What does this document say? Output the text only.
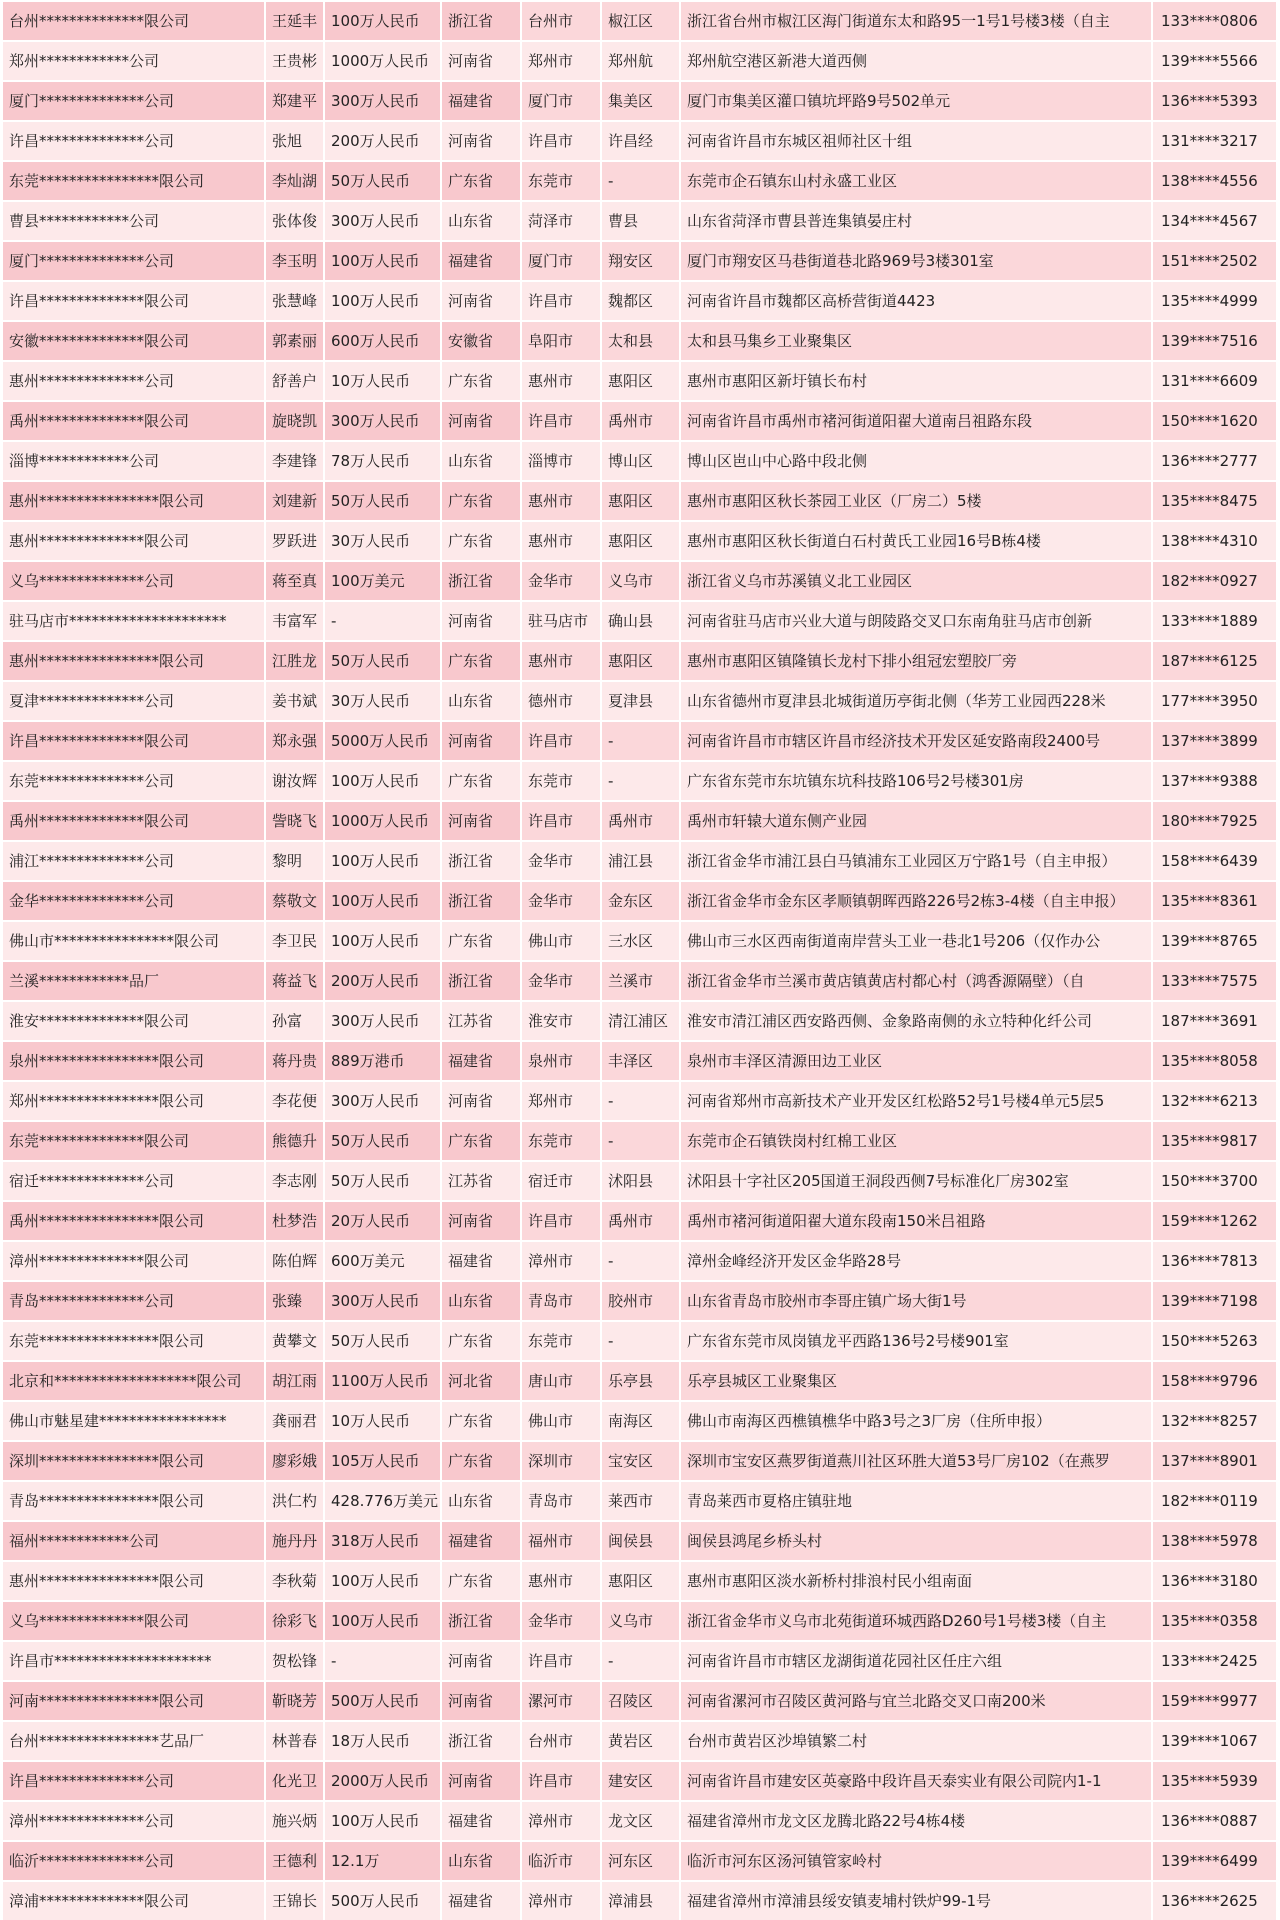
台州**************限公司	王延丰	100万人民币	浙江省	台州市	椒江区	浙江省台州市椒江区海门街道东太和路95一1号1号楼3楼（自主	133****0806
郑州************公司	王贵彬	1000万人民币	河南省	郑州市	郑州航	郑州航空港区新港大道西侧	139****5566
厦门**************公司	郑建平	300万人民币	福建省	厦门市	集美区	厦门市集美区灌口镇坑坪路9号502单元	136****5393
许昌**************公司	张旭	200万人民币	河南省	许昌市	许昌经	河南省许昌市东城区祖师社区十组	131****3217
东莞****************限公司	李灿湖	50万人民币	广东省	东莞市	-	东莞市企石镇东山村永盛工业区	138****4556
曹县************公司	张体俊	300万人民币	山东省	菏泽市	曹县	山东省菏泽市曹县普连集镇晏庄村	134****4567
厦门**************公司	李玉明	100万人民币	福建省	厦门市	翔安区	厦门市翔安区马巷街道巷北路969号3楼301室	151****2502
许昌**************限公司	张慧峰	100万人民币	河南省	许昌市	魏都区	河南省许昌市魏都区高桥营街道4423	135****4999
安徽**************限公司	郭素丽	600万人民币	安徽省	阜阳市	太和县	太和县马集乡工业聚集区	139****7516
惠州**************公司	舒善户	10万人民币	广东省	惠州市	惠阳区	惠州市惠阳区新圩镇长布村	131****6609
禹州**************限公司	旋晓凯	300万人民币	河南省	许昌市	禹州市	河南省许昌市禹州市褚河街道阳翟大道南吕祖路东段	150****1620
淄博************公司	李建锋	78万人民币	山东省	淄博市	博山区	博山区岜山中心路中段北侧	136****2777
惠州****************限公司	刘建新	50万人民币	广东省	惠州市	惠阳区	惠州市惠阳区秋长茶园工业区（厂房二）5楼	135****8475
惠州**************限公司	罗跃进	30万人民币	广东省	惠州市	惠阳区	惠州市惠阳区秋长街道白石村黄氏工业园16号B栋4楼	138****4310
义乌**************公司	蒋至真	100万美元	浙江省	金华市	义乌市	浙江省义乌市苏溪镇义北工业园区	182****0927
驻马店市*********************	韦富军	-	河南省	驻马店市	确山县	河南省驻马店市兴业大道与朗陵路交叉口东南角驻马店市创新	133****1889
惠州****************限公司	江胜龙	50万人民币	广东省	惠州市	惠阳区	惠州市惠阳区镇隆镇长龙村下排小组冠宏塑胶厂旁	187****6125
夏津**************公司	姜书斌	30万人民币	山东省	德州市	夏津县	山东省德州市夏津县北城街道历亭街北侧（华芳工业园西228米	177****3950
许昌**************限公司	郑永强	5000万人民币	河南省	许昌市	-	河南省许昌市市辖区许昌市经济技术开发区延安路南段2400号	137****3899
东莞**************公司	谢汝辉	100万人民币	广东省	东莞市	-	广东省东莞市东坑镇东坑科技路106号2号楼301房	137****9388
禹州**************限公司	訾晓飞	1000万人民币	河南省	许昌市	禹州市	禹州市轩辕大道东侧产业园	180****7925
浦江**************公司	黎明	100万人民币	浙江省	金华市	浦江县	浙江省金华市浦江县白马镇浦东工业园区万宁路1号（自主申报）	158****6439
金华**************公司	蔡敬文	100万人民币	浙江省	金华市	金东区	浙江省金华市金东区孝顺镇朝晖西路226号2栋3-4楼（自主申报）	135****8361
佛山市****************限公司	李卫民	100万人民币	广东省	佛山市	三水区	佛山市三水区西南街道南岸营头工业一巷北1号206（仅作办公	139****8765
兰溪************品厂	蒋益飞	200万人民币	浙江省	金华市	兰溪市	浙江省金华市兰溪市黄店镇黄店村都心村（鸿香源隔壁）（自	133****7575
淮安**************限公司	孙富	300万人民币	江苏省	淮安市	清江浦区	淮安市清江浦区西安路西侧、金象路南侧的永立特种化纤公司	187****3691
泉州****************限公司	蒋丹贵	889万港币	福建省	泉州市	丰泽区	泉州市丰泽区清源田边工业区	135****8058
郑州****************限公司	李花便	300万人民币	河南省	郑州市	-	河南省郑州市高新技术产业开发区红松路52号1号楼4单元5层5	132****6213
东莞**************限公司	熊德升	50万人民币	广东省	东莞市	-	东莞市企石镇铁岗村红棉工业区	135****9817
宿迁**************公司	李志刚	50万人民币	江苏省	宿迁市	沭阳县	沭阳县十字社区205国道王洞段西侧7号标准化厂房302室	150****3700
禹州****************限公司	杜梦浩	20万人民币	河南省	许昌市	禹州市	禹州市褚河街道阳翟大道东段南150米吕祖路	159****1262
漳州**************限公司	陈伯辉	600万美元	福建省	漳州市	-	漳州金峰经济开发区金华路28号	136****7813
青岛**************公司	张臻	300万人民币	山东省	青岛市	胶州市	山东省青岛市胶州市李哥庄镇广场大街1号	139****7198
东莞****************限公司	黄攀文	50万人民币	广东省	东莞市	-	广东省东莞市凤岗镇龙平西路136号2号楼901室	150****5263
北京和*******************限公司	胡江雨	1100万人民币	河北省	唐山市	乐亭县	乐亭县城区工业聚集区	158****9796
佛山市魅星建*****************	龚丽君	10万人民币	广东省	佛山市	南海区	佛山市南海区西樵镇樵华中路3号之3厂房（住所申报）	132****8257
深圳****************限公司	廖彩娥	105万人民币	广东省	深圳市	宝安区	深圳市宝安区燕罗街道燕川社区环胜大道53号厂房102（在燕罗	137****8901
青岛****************限公司	洪仁杓	428.776万美元	山东省	青岛市	莱西市	青岛莱西市夏格庄镇驻地	182****0119
福州************公司	施丹丹	318万人民币	福建省	福州市	闽侯县	闽侯县鸿尾乡桥头村	138****5978
惠州****************限公司	李秋菊	100万人民币	广东省	惠州市	惠阳区	惠州市惠阳区淡水新桥村排浪村民小组南面	136****3180
义乌**************限公司	徐彩飞	100万人民币	浙江省	金华市	义乌市	浙江省金华市义乌市北苑街道环城西路D260号1号楼3楼（自主	135****0358
许昌市*********************	贺松锋	-	河南省	许昌市	-	河南省许昌市市辖区龙湖街道花园社区任庄六组	133****2425
河南****************限公司	靳晓芳	500万人民币	河南省	漯河市	召陵区	河南省漯河市召陵区黄河路与宜兰北路交叉口南200米	159****9977
台州****************艺品厂	林普春	18万人民币	浙江省	台州市	黄岩区	台州市黄岩区沙埠镇繁二村	139****1067
许昌**************公司	化光卫	2000万人民币	河南省	许昌市	建安区	河南省许昌市建安区英豪路中段许昌天泰实业有限公司院内1-1	135****5939
漳州**************公司	施兴炳	100万人民币	福建省	漳州市	龙文区	福建省漳州市龙文区龙腾北路22号4栋4楼	136****0887
临沂**************公司	王德利	12.1万	山东省	临沂市	河东区	临沂市河东区汤河镇管家岭村	139****6499
漳浦**************限公司	王锦长	500万人民币	福建省	漳州市	漳浦县	福建省漳州市漳浦县绥安镇麦埔村铁炉99-1号	136****2625
